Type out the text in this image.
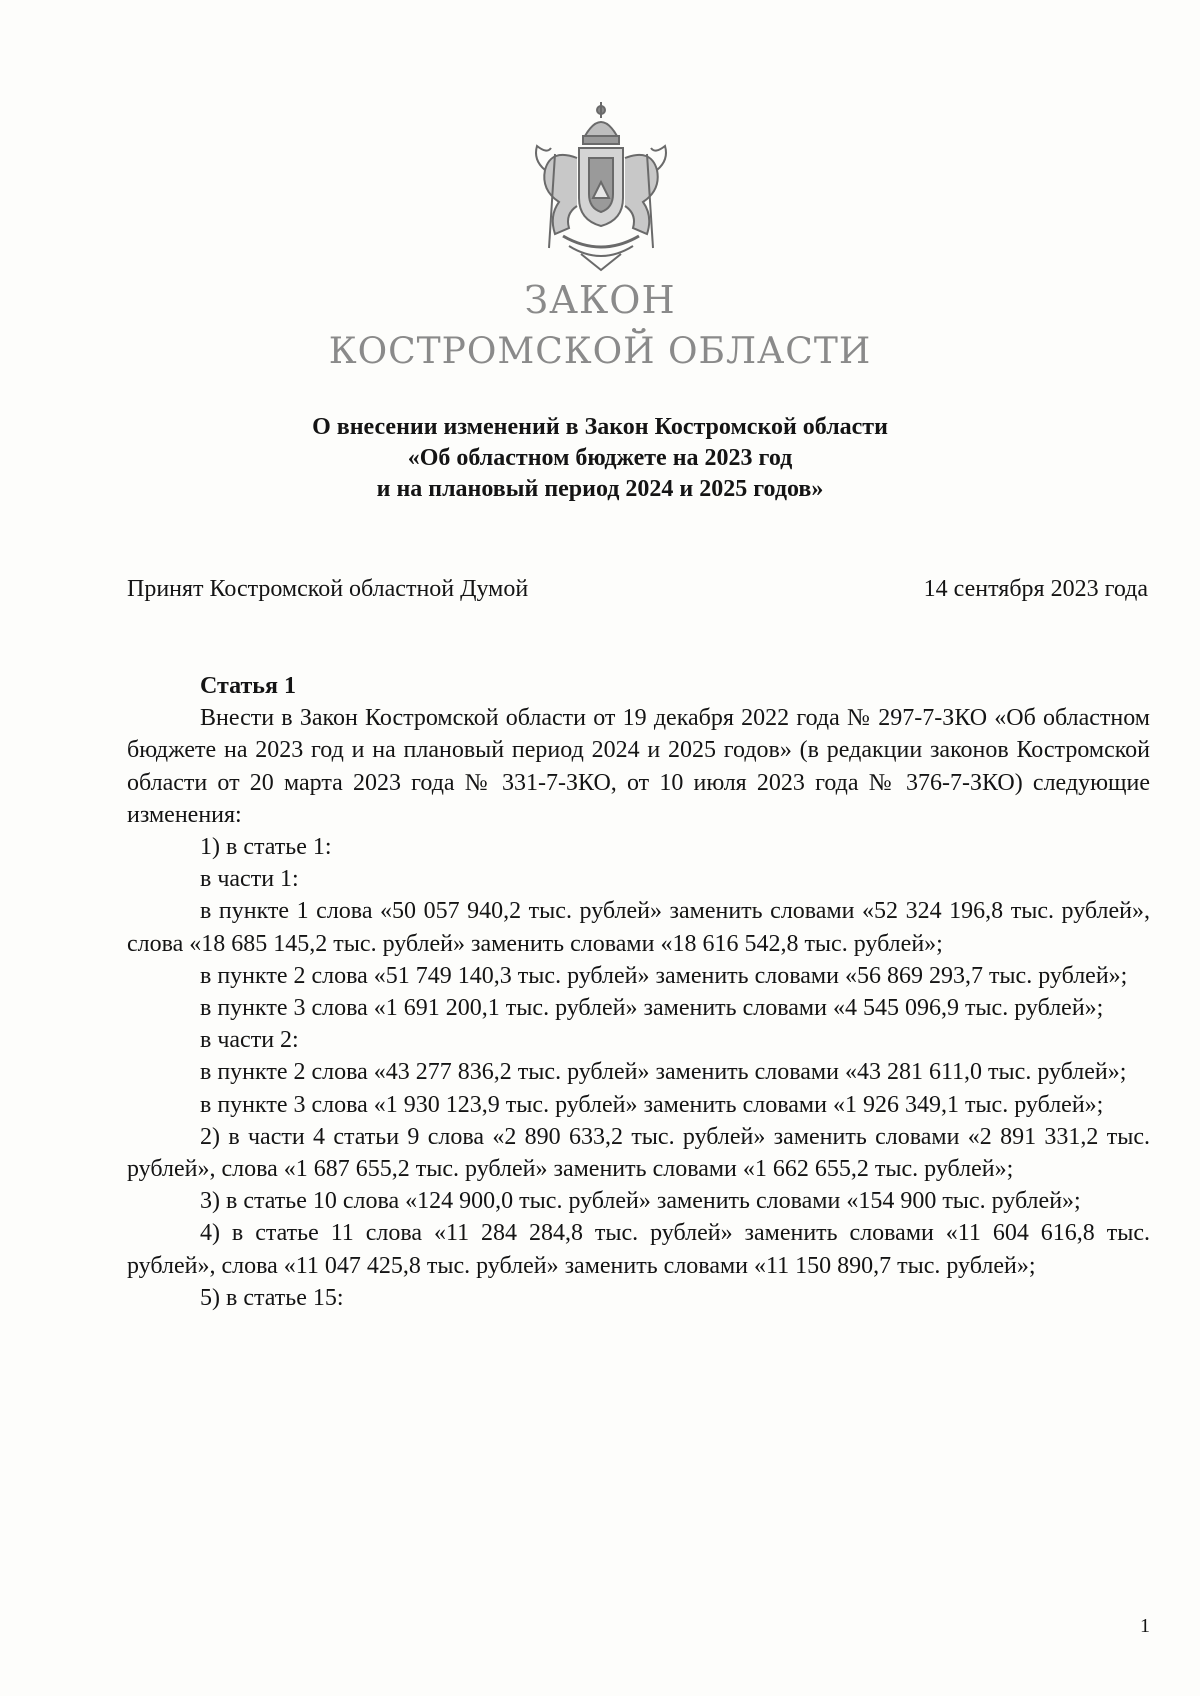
ЗАКОН
КОСТРОМСКОЙ ОБЛАСТИ
О внесении изменений в Закон Костромской области
«Об областном бюджете на 2023 год
и на плановый период 2024 и 2025 годов»
Принят Костромской областной Думой	14 сентября 2023 года

Статья 1

Внести в Закон Костромской области от 19 декабря 2022 года № 297-7-ЗКО «Об областном бюджете на 2023 год и на плановый период 2024 и 2025 годов» (в редакции законов Костромской области от 20 марта 2023 года № 331-7-ЗКО, от 10 июля 2023 года № 376-7-ЗКО) следующие изменения:

1) в статье 1:

в части 1:

в пункте 1 слова «50 057 940,2 тыс. рублей» заменить словами «52 324 196,8 тыс. рублей», слова «18 685 145,2 тыс. рублей» заменить словами «18 616 542,8 тыс. рублей»;

в пункте 2 слова «51 749 140,3 тыс. рублей» заменить словами «56 869 293,7 тыс. рублей»;

в пункте 3 слова «1 691 200,1 тыс. рублей» заменить словами «4 545 096,9 тыс. рублей»;

в части 2:

в пункте 2 слова «43 277 836,2 тыс. рублей» заменить словами «43 281 611,0 тыс. рублей»;

в пункте 3 слова «1 930 123,9 тыс. рублей» заменить словами «1 926 349,1 тыс. рублей»;

2) в части 4 статьи 9 слова «2 890 633,2 тыс. рублей» заменить словами «2 891 331,2 тыс. рублей», слова «1 687 655,2 тыс. рублей» заменить словами «1 662 655,2 тыс. рублей»;

3) в статье 10 слова «124 900,0 тыс. рублей» заменить словами «154 900 тыс. рублей»;

4) в статье 11 слова «11 284 284,8 тыс. рублей» заменить словами «11 604 616,8 тыс. рублей», слова «11 047 425,8 тыс. рублей» заменить словами «11 150 890,7 тыс. рублей»;

5) в статье 15:

1
